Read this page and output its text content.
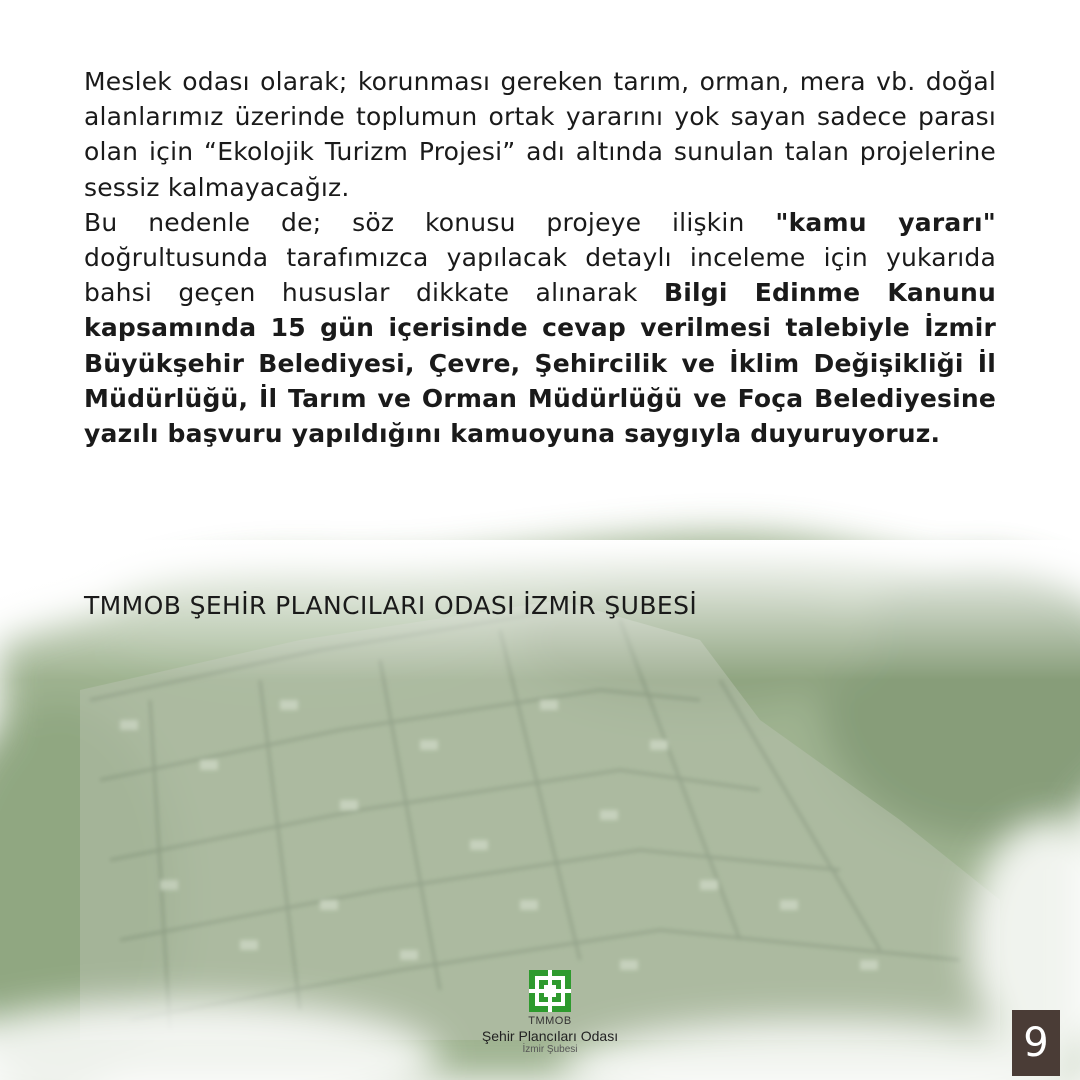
Meslek odası olarak; korunması gereken tarım, orman, mera vb. doğal alanlarımız üzerinde toplumun ortak yararını yok sayan sadece parası olan için “Ekolojik Turizm Projesi” adı altında sunulan talan projelerine sessiz kalmayacağız.

Bu nedenle de; söz konusu projeye ilişkin "kamu yararı" doğrultusunda tarafımızca yapılacak detaylı inceleme için yukarıda bahsi geçen hususlar dikkate alınarak Bilgi Edinme Kanunu kapsamında 15 gün içerisinde cevap verilmesi talebiyle İzmir Büyükşehir Belediyesi, Çevre, Şehircilik ve İklim Değişikliği İl Müdürlüğü, İl Tarım ve Orman Müdürlüğü ve Foça Belediyesine yazılı başvuru yapıldığını kamuoyuna saygıyla duyuruyoruz.

TMMOB ŞEHİR PLANCILARI ODASI İZMİR ŞUBESİ
TMMOB
Şehir Plancıları Odası
İzmir Şubesi	9
